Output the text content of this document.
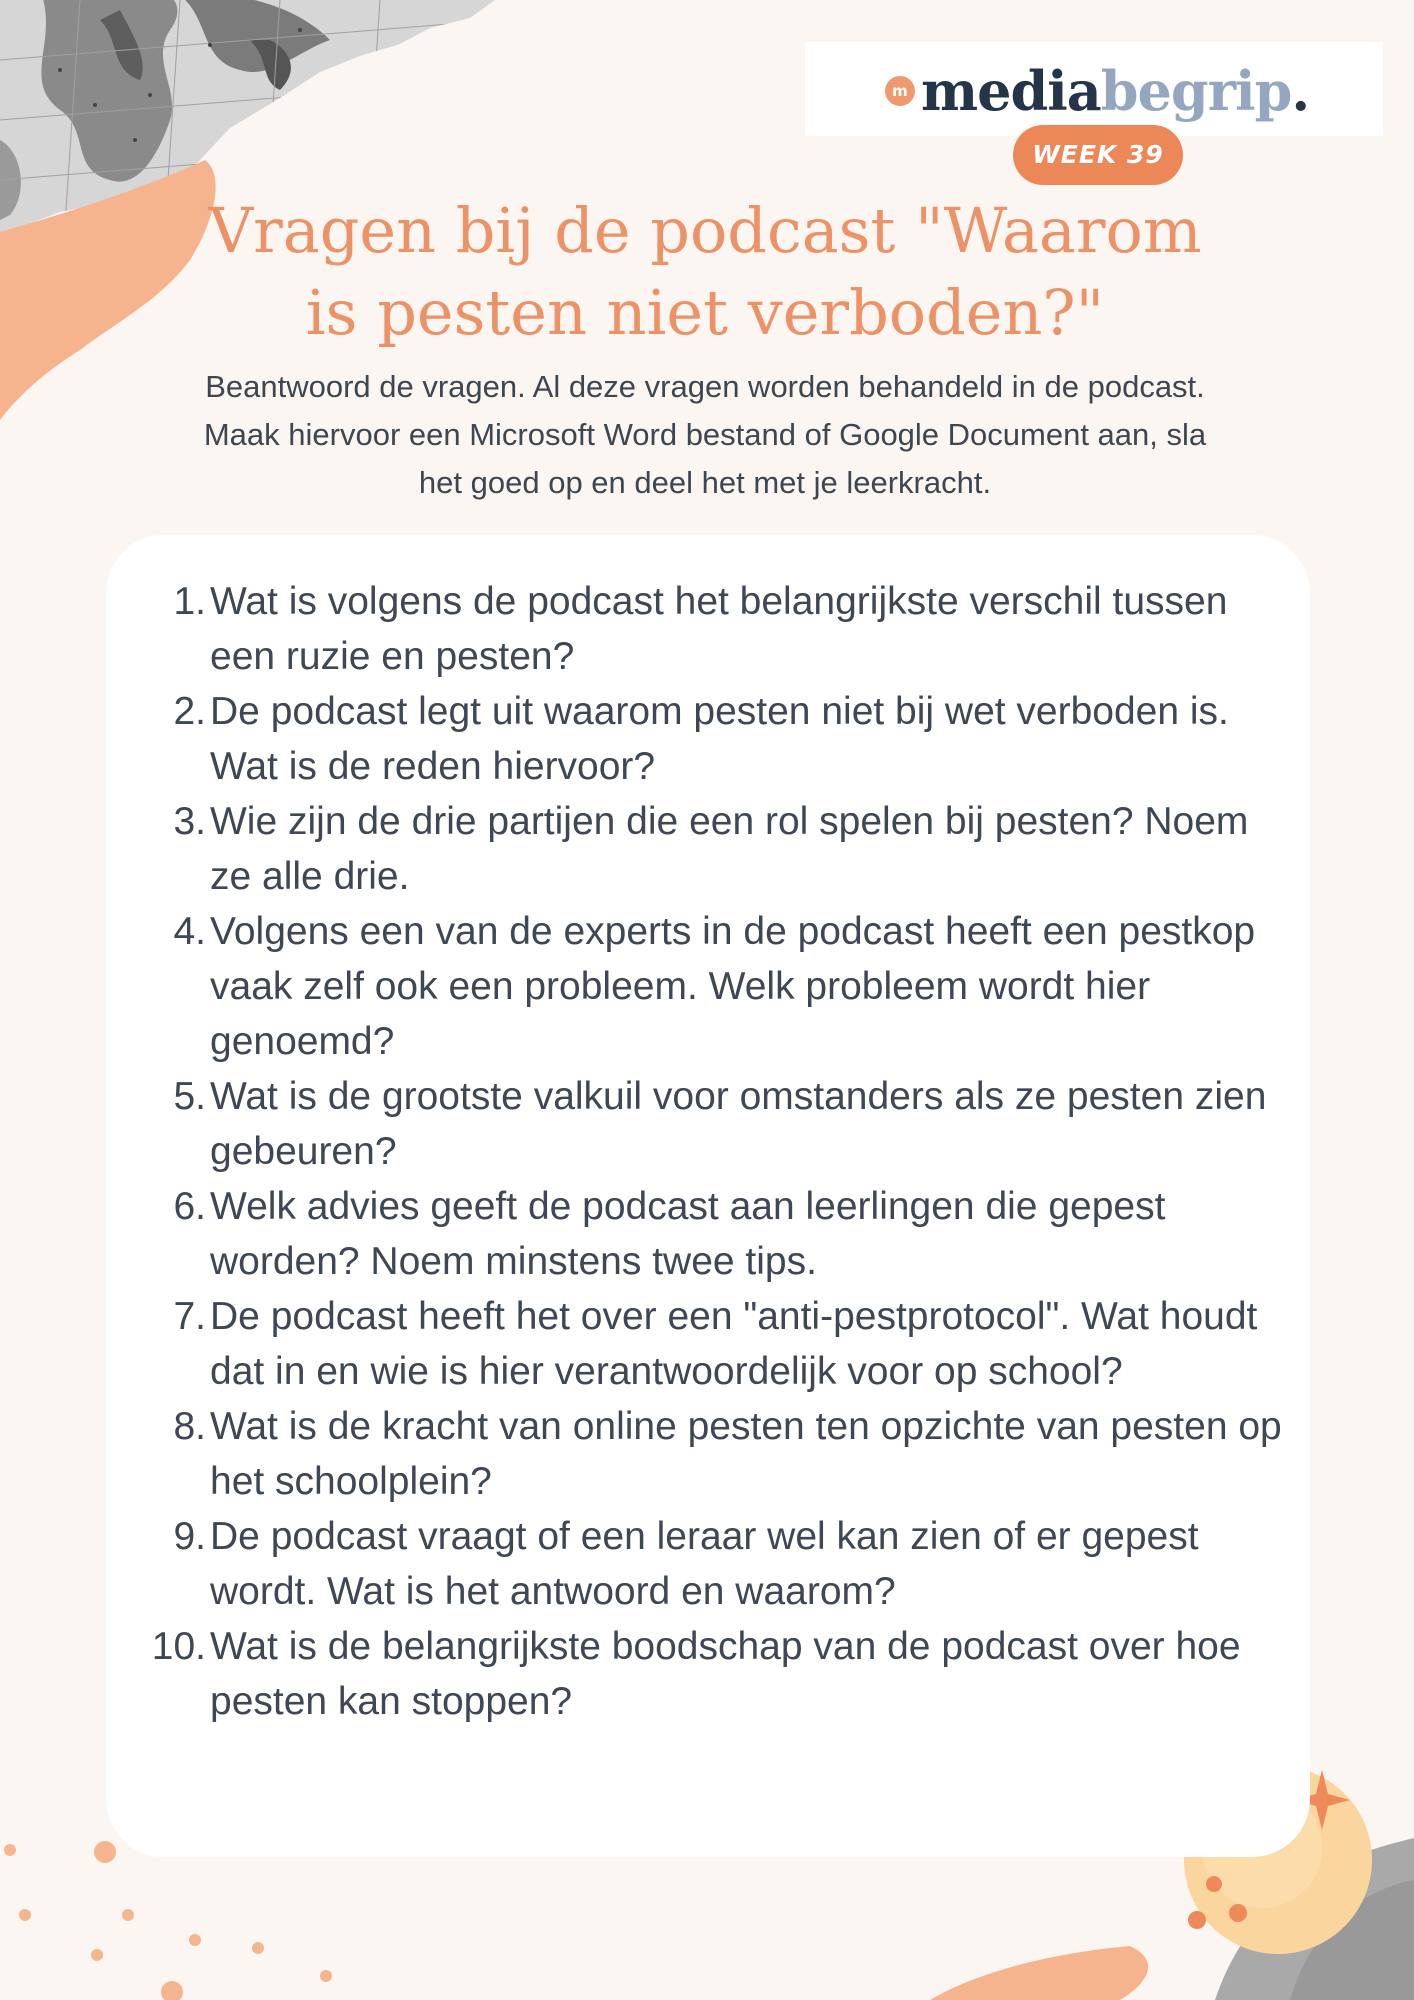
m mediabegrip.
WEEK 39
Vragen bij de podcast "Waarom
is pesten niet verboden?"
Beantwoord de vragen. Al deze vragen worden behandeld in de podcast.
Maak hiervoor een Microsoft Word bestand of Google Document aan, sla
het goed op en deel het met je leerkracht.
1. Wat is volgens de podcast het belangrijkste verschil tussen een ruzie en pesten?
2. De podcast legt uit waarom pesten niet bij wet verboden is. Wat is de reden hiervoor?
3. Wie zijn de drie partijen die een rol spelen bij pesten? Noem ze alle drie.
4. Volgens een van de experts in de podcast heeft een pestkop vaak zelf ook een probleem. Welk probleem wordt hier genoemd?
5. Wat is de grootste valkuil voor omstanders als ze pesten zien gebeuren?
6. Welk advies geeft de podcast aan leerlingen die gepest worden? Noem minstens twee tips.
7. De podcast heeft het over een "anti-pestprotocol". Wat houdt dat in en wie is hier verantwoordelijk voor op school?
8. Wat is de kracht van online pesten ten opzichte van pesten op het schoolplein?
9. De podcast vraagt of een leraar wel kan zien of er gepest wordt. Wat is het antwoord en waarom?
10. Wat is de belangrijkste boodschap van de podcast over hoe pesten kan stoppen?
